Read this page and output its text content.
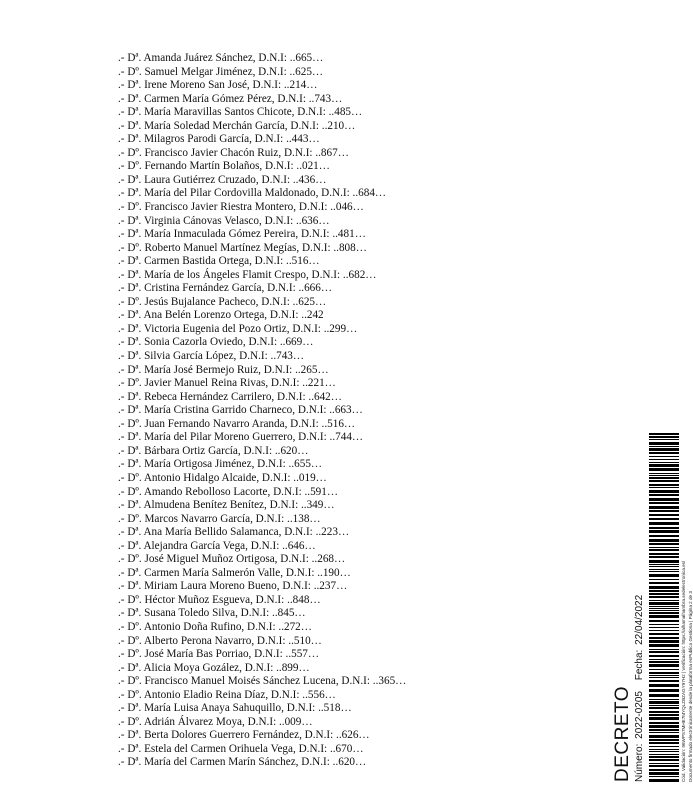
.- Dª. Amanda Juárez Sánchez, D.N.I: ..665…
.- Dº. Samuel Melgar Jiménez, D.N.I: ..625…
.- Dª. Irene Moreno San José, D.N.I: ..214…
.- Dª. Carmen María Gómez Pérez, D.N.I: ..743…
.- Dª. María Maravillas Santos Chicote, D.N.I: ..485…
.- Dª. María Soledad Merchán García, D.N.I: ..210…
.- Dª. Milagros Parodi García, D.N.I: ..443…
.- Dº. Francisco Javier Chacón Ruiz, D.N.I: ..867…
.- Dº. Fernando Martín Bolaños, D.N.I: ..021…
.- Dª. Laura Gutiérrez Cruzado, D.N.I: ..436…
.- Dª. María del Pilar Cordovilla Maldonado, D.N.I: ..684…
.- Dº. Francisco Javier Riestra Montero, D.N.I: ..046…
.- Dª. Virginia Cánovas Velasco, D.N.I: ..636…
.- Dª. María Inmaculada Gómez Pereira, D.N.I: ..481…
.- Dº. Roberto Manuel Martínez Megías, D.N.I: ..808…
.- Dª. Carmen Bastida Ortega, D.N.I: ..516…
.- Dª. María de los Ángeles Flamit Crespo, D.N.I: ..682…
.- Dª. Cristina Fernández García, D.N.I: ..666…
.- Dº. Jesús Bujalance Pacheco, D.N.I: ..625…
.- Dª. Ana Belén Lorenzo Ortega, D.N.I: ..242
.- Dª. Victoria Eugenia del Pozo Ortiz, D.N.I: ..299…
.- Dª. Sonia Cazorla Oviedo, D.N.I: ..669…
.- Dª. Silvia García López, D.N.I: ..743…
.- Dª. María José Bermejo Ruiz, D.N.I: ..265…
.- Dº. Javier Manuel Reina Rivas, D.N.I: ..221…
.- Dª. Rebeca Hernández Carrilero, D.N.I: ..642…
.- Dª. María Cristina Garrido Charneco, D.N.I: ..663…
.- Dº. Juan Fernando Navarro Aranda, D.N.I: ..516…
.- Dª. María del Pilar Moreno Guerrero, D.N.I: ..744…
.- Dª. Bárbara Ortiz García, D.N.I: ..620…
.- Dª. María Ortigosa Jiménez, D.N.I: ..655…
.- Dº. Antonio Hidalgo Alcaide, D.N.I: ..019…
.- Dº. Amando Rebolloso Lacorte, D.N.I: ..591…
.- Dª. Almudena Benítez Benítez, D.N.I: ..349…
.- Dº. Marcos Navarro García, D.N.I: ..138…
.- Dª. Ana María Bellido Salamanca, D.N.I: ..223…
.- Dª. Alejandra García Vega, D.N.I: ..646…
.- Dº. José Miguel Muñoz Ortigosa, D.N.I: ..268…
.- Dª. Carmen María Salmerón Valle, D.N.I: ..190…
.- Dª. Miriam Laura Moreno Bueno, D.N.I: ..237…
.- Dº. Héctor Muñoz Esgueva, D.N.I: ..848…
.- Dª. Susana Toledo Silva, D.N.I: ..845…
.- Dº. Antonio Doña Rufino, D.N.I: ..272…
.- Dº. Alberto Perona Navarro, D.N.I: ..510…
.- Dº. José María Bas Porriao, D.N.I: ..557…
.- Dª. Alicia Moya Gozález, D.N.I: ..899…
.- Dº. Francisco Manuel Moisés Sánchez Lucena, D.N.I: ..365…
.- Dº. Antonio Eladio Reina Díaz, D.N.I: ..556…
.- Dª. María Luisa Anaya Sahuquillo, D.N.I: ..518…
.- Dº. Adrián Álvarez Moya, D.N.I: ..009…
.- Dª. Berta Dolores Guerrero Fernández, D.N.I: ..626…
.- Dª. Estela del Carmen Orihuela Vega, D.N.I: ..670…
.- Dª. María del Carmen Marín Sánchez, D.N.I: ..620…	DECRETO Número: 2022-0205 Fecha: 22/04/2022	Cód. Validación: 96WPS7MHE7MYQLZBZAGY97H2 | Verificación: https://alhamalhambra.sedelectronica.es/ Documento firmado electrónicamente desde la plataforma esPublico Gestiona | Página 2 de 3
